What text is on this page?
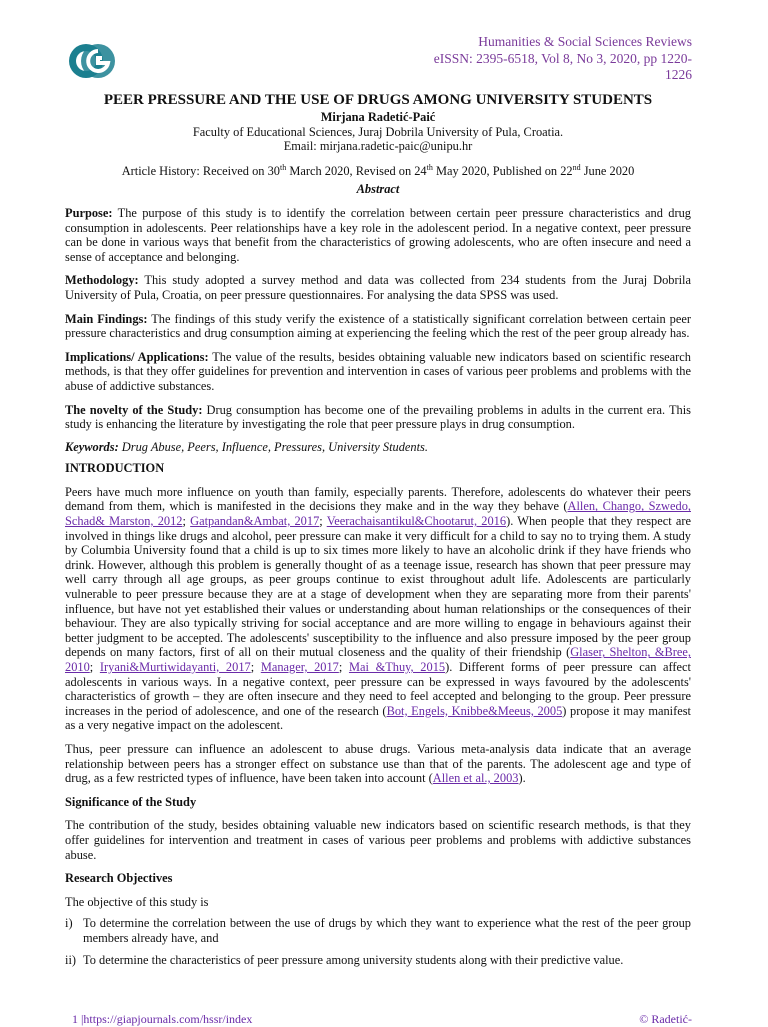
Humanities & Social Sciences Reviews
eISSN: 2395-6518, Vol 8, No 3, 2020, pp 1220-
1226
PEER PRESSURE AND THE USE OF DRUGS AMONG UNIVERSITY STUDENTS
Mirjana Radetić-Paić
Faculty of Educational Sciences, Juraj Dobrila University of Pula, Croatia.
Email: mirjana.radetic-paic@unipu.hr
Article History: Received on 30th March 2020, Revised on 24th May 2020, Published on 22nd June 2020
Abstract

Purpose: The purpose of this study is to identify the correlation between certain peer pressure characteristics and drug consumption in adolescents. Peer relationships have a key role in the adolescent period. In a negative context, peer pressure can be done in various ways that benefit from the characteristics of growing adolescents, who are often insecure and need a sense of acceptance and belonging.

Methodology: This study adopted a survey method and data was collected from 234 students from the Juraj Dobrila University of Pula, Croatia, on peer pressure questionnaires. For analysing the data SPSS was used.

Main Findings: The findings of this study verify the existence of a statistically significant correlation between certain peer pressure characteristics and drug consumption aiming at experiencing the feeling which the rest of the peer group already has.

Implications/ Applications: The value of the results, besides obtaining valuable new indicators based on scientific research methods, is that they offer guidelines for prevention and intervention in cases of various peer problems and problems with the abuse of addictive substances.

The novelty of the Study: Drug consumption has become one of the prevailing problems in adults in the current era. This study is enhancing the literature by investigating the role that peer pressure plays in drug consumption.

Keywords: Drug Abuse, Peers, Influence, Pressures, University Students.

INTRODUCTION

Peers have much more influence on youth than family, especially parents. Therefore, adolescents do whatever their peers demand from them, which is manifested in the decisions they make and in the way they behave (Allen, Chango, Szwedo, Schad& Marston, 2012; Gatpandan&Ambat, 2017; Veerachaisantikul&Chootarut, 2016). When people that they respect are involved in things like drugs and alcohol, peer pressure can make it very difficult for a child to say no to trying them. A study by Columbia University found that a child is up to six times more likely to have an alcoholic drink if they have friends who drink. However, although this problem is generally thought of as a teenage issue, research has shown that peer pressure may well carry through all age groups, as peer groups continue to exist throughout adult life. Adolescents are particularly vulnerable to peer pressure because they are at a stage of development when they are separating more from their parents' influence, but have not yet established their values or understanding about human relationships or the consequences of their behaviour. They are also typically striving for social acceptance and are more willing to engage in behaviours against their better judgment to be accepted. The adolescents' susceptibility to the influence and also pressure imposed by the peer group depends on many factors, first of all on their mutual closeness and the quality of their friendship (Glaser, Shelton, &Bree, 2010; Iryani&Murtiwidayanti, 2017; Manager, 2017; Mai &Thuy, 2015). Different forms of peer pressure can affect adolescents in various ways. In a negative context, peer pressure can be expressed in ways favoured by the adolescents' characteristics of growth – they are often insecure and they need to feel accepted and belonging to the group. Peer pressure increases in the period of adolescence, and one of the research (Bot, Engels, Knibbe&Meeus, 2005) propose it may manifest as a very negative impact on the adolescent.

Thus, peer pressure can influence an adolescent to abuse drugs. Various meta-analysis data indicate that an average relationship between peers has a stronger effect on substance use than that of the parents. The adolescent age and type of drug, as a few restricted types of influence, have been taken into account (Allen et al., 2003).

Significance of the Study

The contribution of the study, besides obtaining valuable new indicators based on scientific research methods, is that they offer guidelines for intervention and treatment in cases of various peer problems and problems with addictive substances abuse.

Research Objectives

The objective of this study is

i) To determine the correlation between the use of drugs by which they want to experience what the rest of the peer group members already have, and
ii) To determine the characteristics of peer pressure among university students along with their predictive value.
1 |https://giapjournals.com/hssr/index	© Radetić-
